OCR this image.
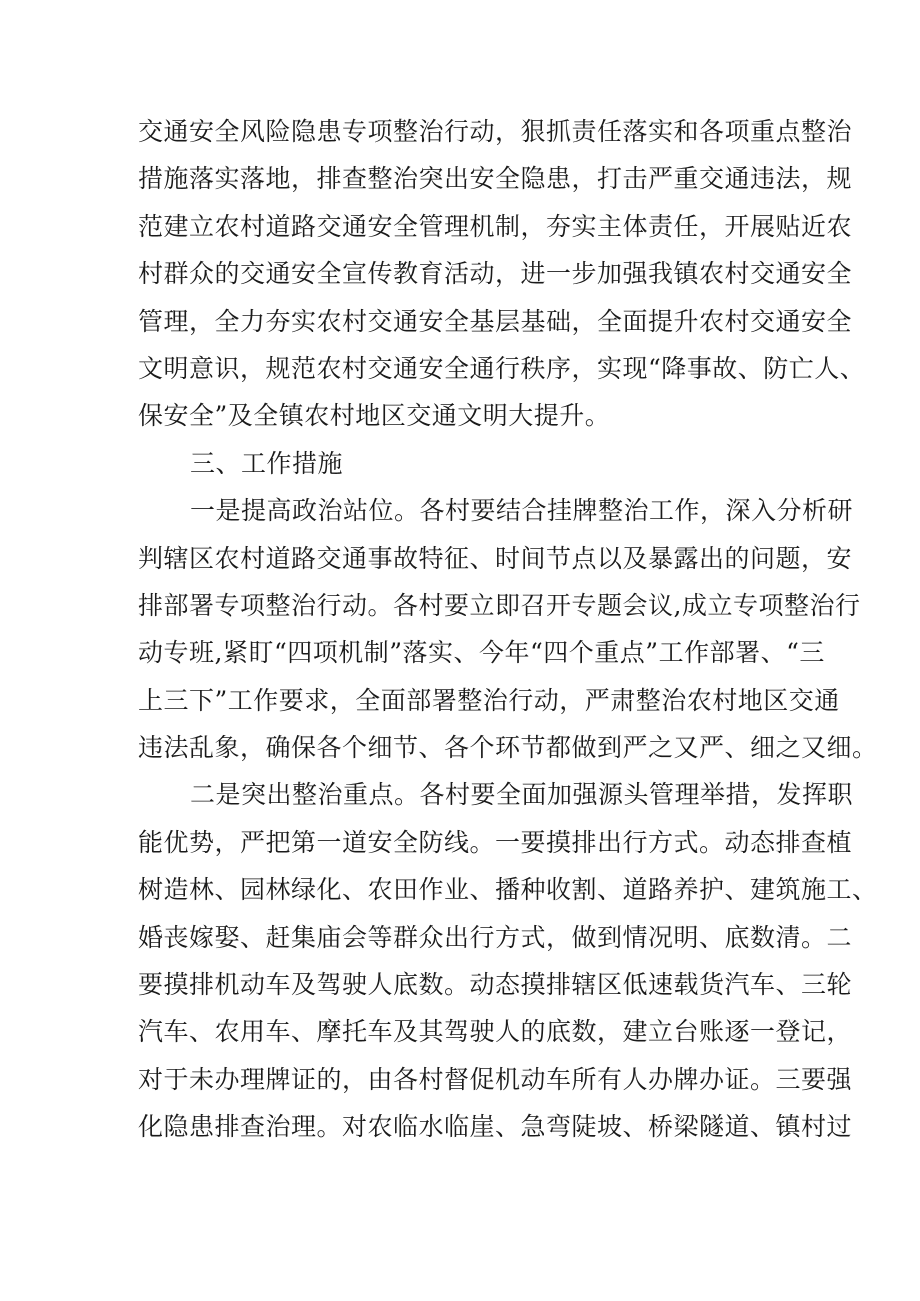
交通安全风险隐患专项整治行动，狠抓责任落实和各项重点整治
措施落实落地，排查整治突出安全隐患，打击严重交通违法，规
范建立农村道路交通安全管理机制，夯实主体责任，开展贴近农
村群众的交通安全宣传教育活动，进一步加强我镇农村交通安全
管理，全力夯实农村交通安全基层基础，全面提升农村交通安全
文明意识，规范农村交通安全通行秩序，实现“降事故、防亡人、
保安全”及全镇农村地区交通文明大提升。
三、工作措施
一是提高政治站位。各村要结合挂牌整治工作，深入分析研
判辖区农村道路交通事故特征、时间节点以及暴露出的问题，安
排部署专项整治行动。各村要立即召开专题会议,成立专项整治行
动专班,紧盯“四项机制”落实、今年“四个重点”工作部署、“三
上三下”工作要求，全面部署整治行动，严肃整治农村地区交通
违法乱象，确保各个细节、各个环节都做到严之又严、细之又细。
二是突出整治重点。各村要全面加强源头管理举措，发挥职
能优势，严把第一道安全防线。一要摸排出行方式。动态排查植
树造林、园林绿化、农田作业、播种收割、道路养护、建筑施工、
婚丧嫁娶、赶集庙会等群众出行方式，做到情况明、底数清。二
要摸排机动车及驾驶人底数。动态摸排辖区低速载货汽车、三轮
汽车、农用车、摩托车及其驾驶人的底数，建立台账逐一登记，
对于未办理牌证的，由各村督促机动车所有人办牌办证。三要强
化隐患排查治理。对农临水临崖、急弯陡坡、桥梁隧道、镇村过
